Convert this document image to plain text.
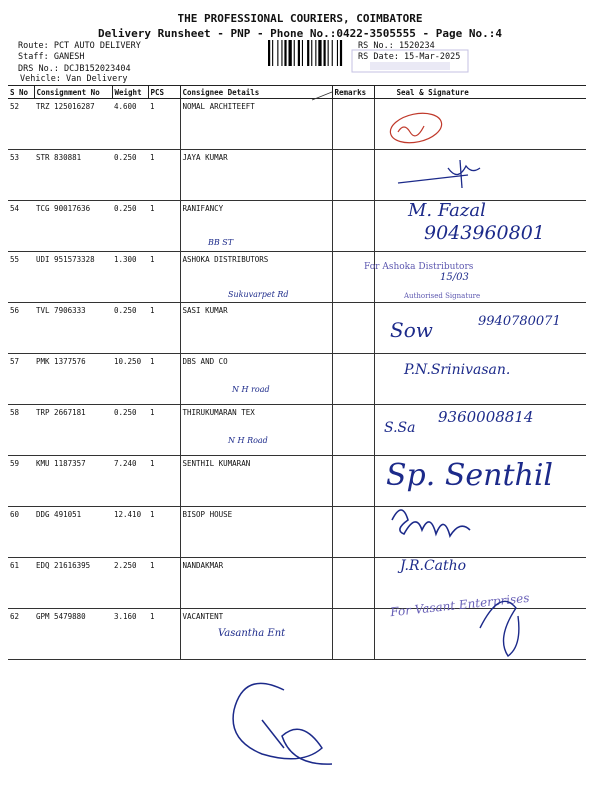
THE PROFESSIONAL COURIERS, COIMBATORE
Delivery Runsheet - PNP - Phone No.:0422-3505555 - Page No.:4
Route: PCT AUTO DELIVERY
Staff: GANESH
DRS No.: DCJB152023404
Vehicle: Van Delivery
RS No.: 1520234
RS Date: 15-Mar-2025
S No	Consignment No	Weight	PCS	Consignee Details	Remarks	Seal & Signature
52	TRZ 125016287	4.600	1	NOMAL ARCHITEEFT		
53	STR 830881	0.250	1	JAYA KUMAR		
54	TCG 90017636	0.250	1	RANIFANCY		
55	UDI 951573328	1.300	1	ASHOKA DISTRIBUTORS		
56	TVL 7906333	0.250	1	SASI KUMAR		
57	PMK 1377576	10.250	1	DBS AND CO		
58	TRP 2667181	0.250	1	THIRUKUMARAN TEX		
59	KMU 1187357	7.240	1	SENTHIL KUMARAN		
60	DDG 491051	12.410	1	BISOP HOUSE		
61	EDQ 21616395	2.250	1	NANDAKMAR		
62	GPM 5479880	3.160	1	VACANTENT		
BB ST
Sukuvarpet Rd
N H road
N H Road
Vasantha Ent
M. Fazal
9043960801
For Ashoka Distributors
15/03
Authorised Signature
Sow	9940780071
P.N.Srinivasan.
S.Sa
9360008814
Sp. Senthil
J.R.Catho
For Vasant Enterprises
